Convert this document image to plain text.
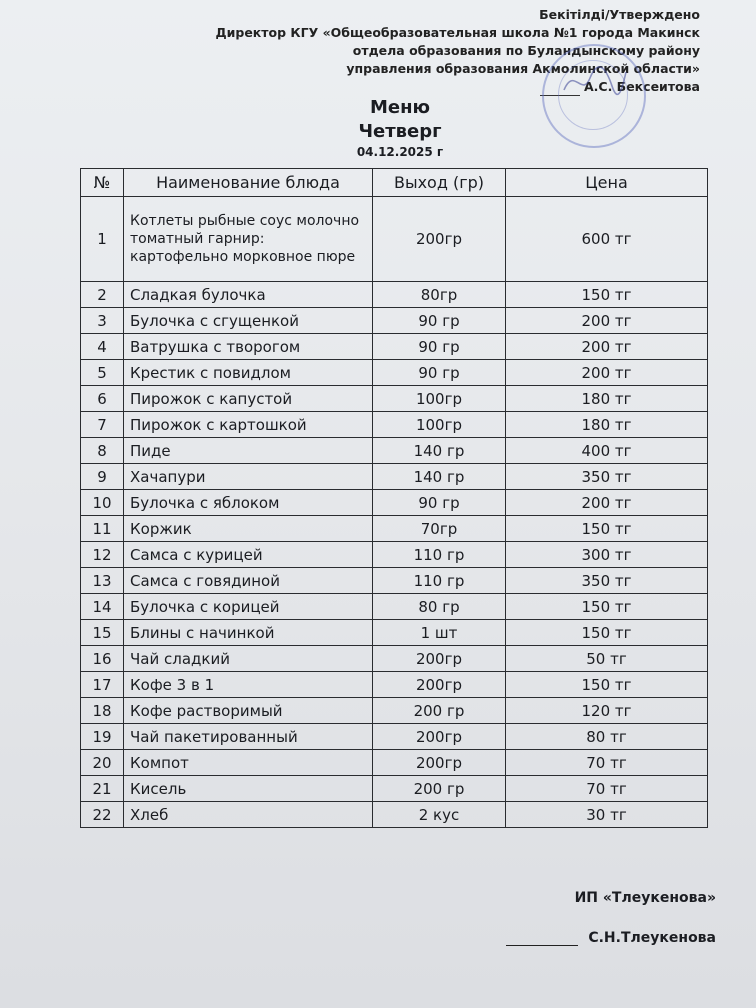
Бекітілді/Утверждено
Директор КГУ «Общеобразовательная школа №1 города Макинск
отдела образования по Буландынскому району
управления образования Акмолинской области»
А.С. Бексеитова
Меню
Четверг
04.12.2025 г
№	Наименование блюда	Выход (гр)	Цена
1	Котлеты рыбные соус молочно томатный гарнир: картофельно морковное пюре	200гр	600 тг
2	Сладкая булочка	80гр	150 тг
3	Булочка с сгущенкой	90 гр	200 тг
4	Ватрушка с творогом	90 гр	200 тг
5	Крестик с повидлом	90 гр	200 тг
6	Пирожок с капустой	100гр	180 тг
7	Пирожок с картошкой	100гр	180 тг
8	Пиде	140 гр	400 тг
9	Хачапури	140 гр	350 тг
10	Булочка с яблоком	90 гр	200 тг
11	Коржик	70гр	150 тг
12	Самса с курицей	110 гр	300 тг
13	Самса с говядиной	110 гр	350 тг
14	Булочка с корицей	80 гр	150 тг
15	Блины с начинкой	1 шт	150 тг
16	Чай сладкий	200гр	50 тг
17	Кофе 3 в 1	200гр	150 тг
18	Кофе растворимый	200 гр	120 тг
19	Чай пакетированный	200гр	80 тг
20	Компот	200гр	70 тг
21	Кисель	200 гр	70 тг
22	Хлеб	2 кус	30 тг
ИП «Тлеукенова»
С.Н.Тлеукенова
